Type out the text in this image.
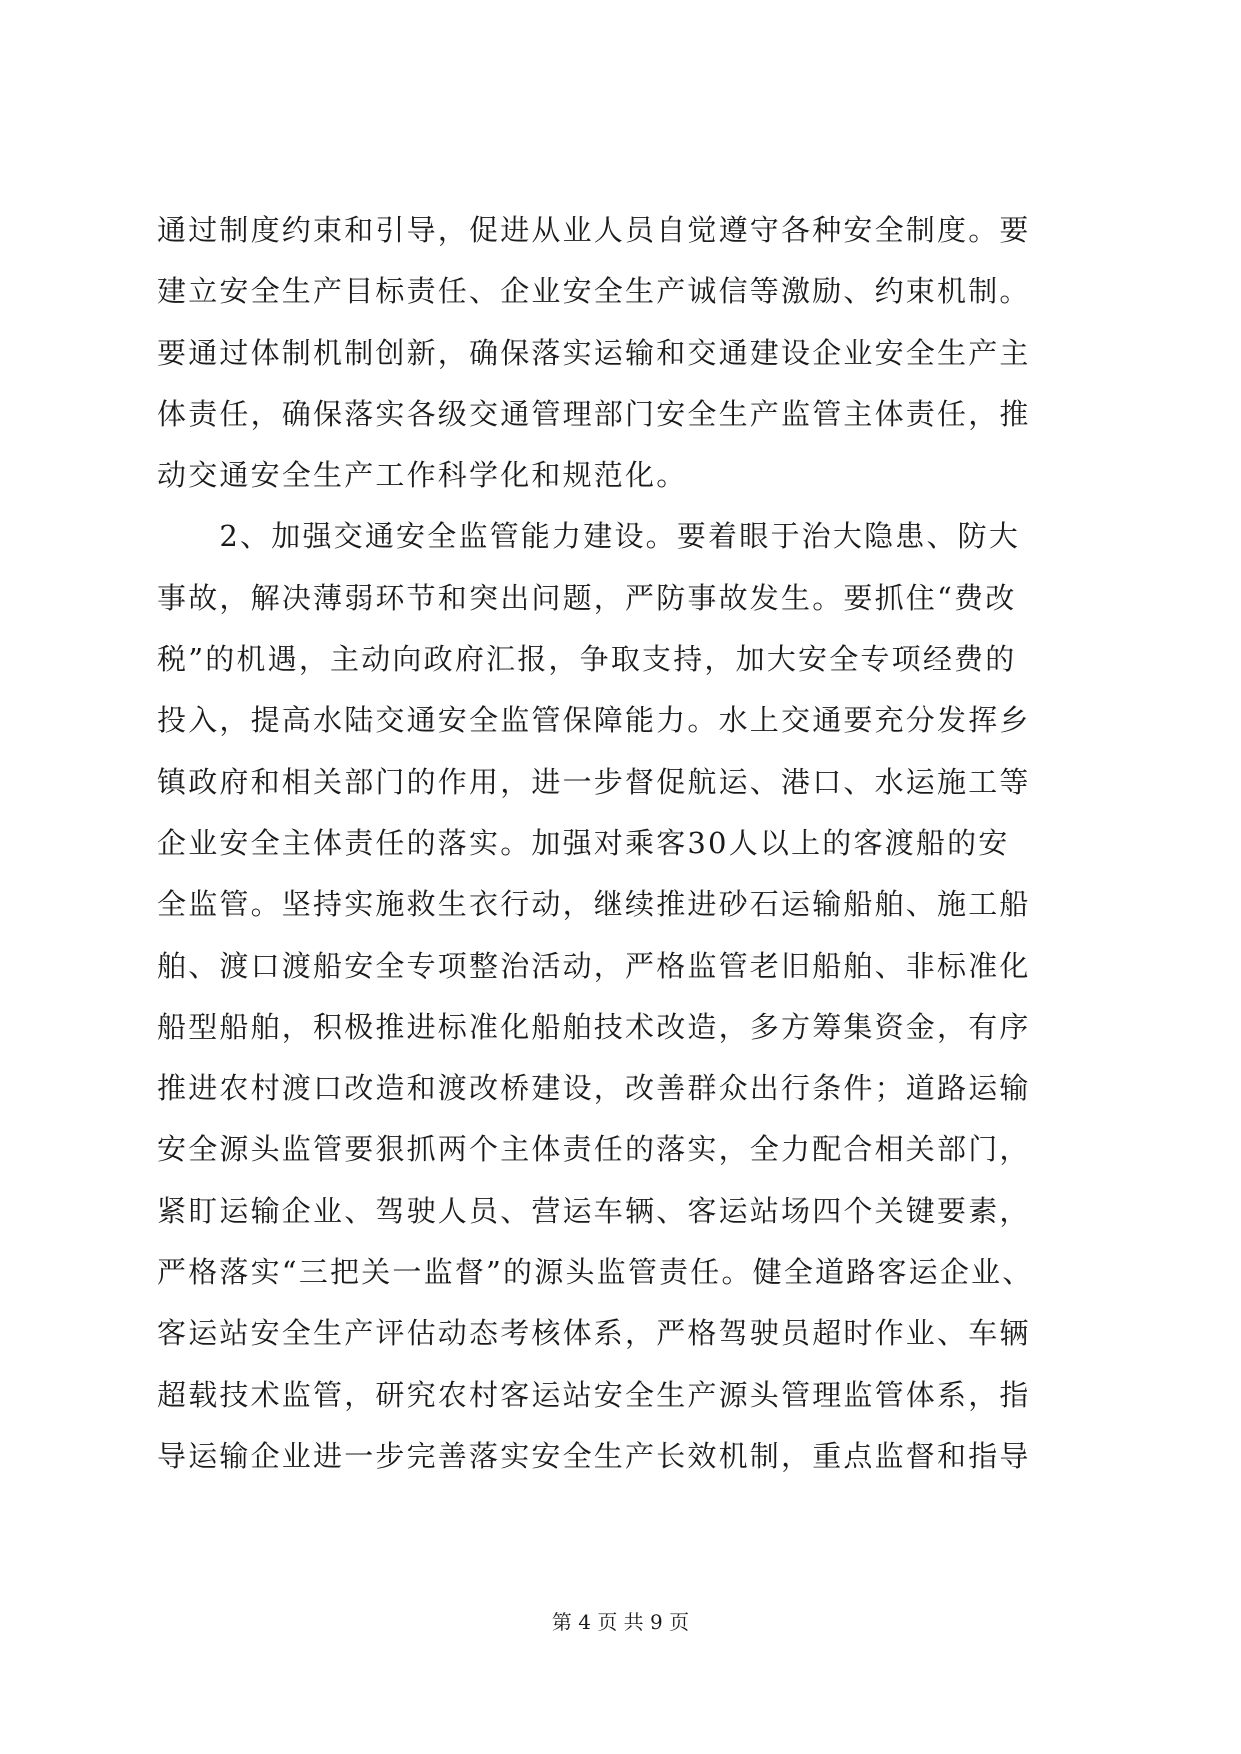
通过制度约束和引导，促进从业人员自觉遵守各种安全制度。要
建立安全生产目标责任、企业安全生产诚信等激励、约束机制。
要通过体制机制创新，确保落实运输和交通建设企业安全生产主
体责任，确保落实各级交通管理部门安全生产监管主体责任，推
动交通安全生产工作科学化和规范化。
　　2、加强交通安全监管能力建设。要着眼于治大隐患、防大
事故，解决薄弱环节和突出问题，严防事故发生。要抓住“费改
税”的机遇，主动向政府汇报，争取支持，加大安全专项经费的
投入，提高水陆交通安全监管保障能力。水上交通要充分发挥乡
镇政府和相关部门的作用，进一步督促航运、港口、水运施工等
企业安全主体责任的落实。加强对乘客30人以上的客渡船的安
全监管。坚持实施救生衣行动，继续推进砂石运输船舶、施工船
舶、渡口渡船安全专项整治活动，严格监管老旧船舶、非标准化
船型船舶，积极推进标准化船舶技术改造，多方筹集资金，有序
推进农村渡口改造和渡改桥建设，改善群众出行条件；道路运输
安全源头监管要狠抓两个主体责任的落实，全力配合相关部门，
紧盯运输企业、驾驶人员、营运车辆、客运站场四个关键要素，
严格落实“三把关一监督”的源头监管责任。健全道路客运企业、
客运站安全生产评估动态考核体系，严格驾驶员超时作业、车辆
超载技术监管，研究农村客运站安全生产源头管理监管体系，指
导运输企业进一步完善落实安全生产长效机制，重点监督和指导
第 4 页 共 9 页
